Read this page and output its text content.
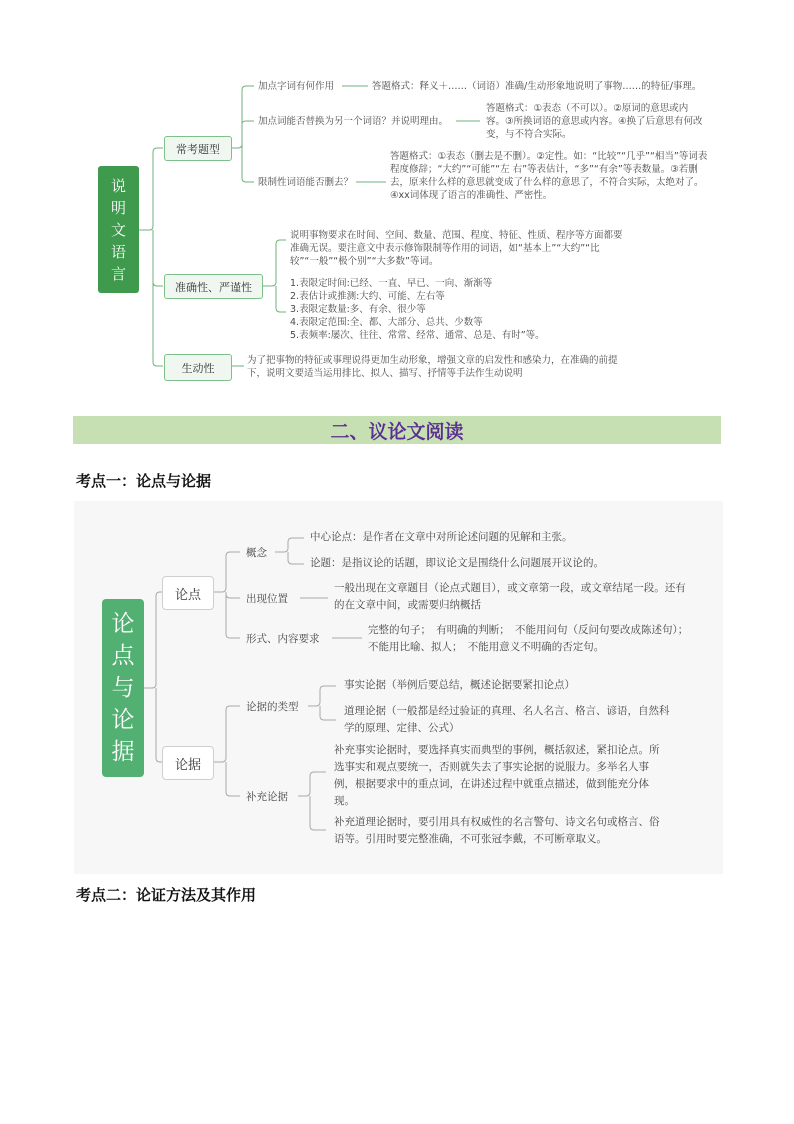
说
明
文
语
言
常考题型
准确性、严谨性
生动性
加点字词有何作用	答题格式：释义＋……（词语）准确/生动形象地说明了事物……的特征/事理。
加点词能否替换为另一个词语？并说明理由。
答题格式：①表态（不可以）。②原词的意思或内容。③所换词语的意思或内容。④换了后意思有何改变，与不符合实际。
限制性词语能否删去？
答题格式：①表态（删去是不删）。②定性。如：“比较”“几乎”“相当”等词表程度修辞；“大约”“可能”“左 右”等表估计，“多”“有余”等表数量。③若删去，原来什么样的意思就变成了什么样的意思了，不符合实际，太绝对了。④xx词体现了语言的准确性、严密性。
说明事物要求在时间、空间、数量、范围、程度、特征、性质、程序等方面都要准确无误。要注意文中表示修饰限制等作用的词语，如“基本上”“大约”“比较”“一般”“极个别”“大多数”等词。
1.表限定时间:已经、一直、早已、一向、渐渐等
2.表估计或推测:大约、可能、左右等
3.表限定数量:多、有余、很少等
4.表限定范围:全、都、大部分、总共、少数等
5.表频率:屡次、往往、常常、经常、通常、总是、有时”等。
为了把事物的特征或事理说得更加生动形象，增强文章的启发性和感染力，在准确的前提下，说明文要适当运用排比、拟人、描写、抒情等手法作生动说明
二、议论文阅读
考点一：论点与论据
论
点
与
论
据
论点
论据
概念
中心论点：是作者在文章中对所论述问题的见解和主张。
论题：是指议论的话题，即议论文是围绕什么问题展开议论的。
出现位置
一般出现在文章题目（论点式题目），或文章第一段，或文章结尾一段。还有的在文章中间，或需要归纳概括
形式、内容要求
完整的句子；　有明确的判断；　不能用问句（反问句要改成陈述句）；不能用比喻、拟人；　不能用意义不明确的否定句。
论据的类型
事实论据（举例后要总结，概述论据要紧扣论点）
道理论据（一般都是经过验证的真理、名人名言、格言、谚语，自然科学的原理、定律、公式）
补充论据
补充事实论据时，要选择真实而典型的事例，概括叙述，紧扣论点。所选事实和观点要统一，否则就失去了事实论据的说服力。多举名人事例，根据要求中的重点词，在讲述过程中就重点描述，做到能充分体现。
补充道理论据时，要引用具有权威性的名言警句、诗文名句或格言、俗语等。引用时要完整准确，不可张冠李戴，不可断章取义。
考点二：论证方法及其作用
